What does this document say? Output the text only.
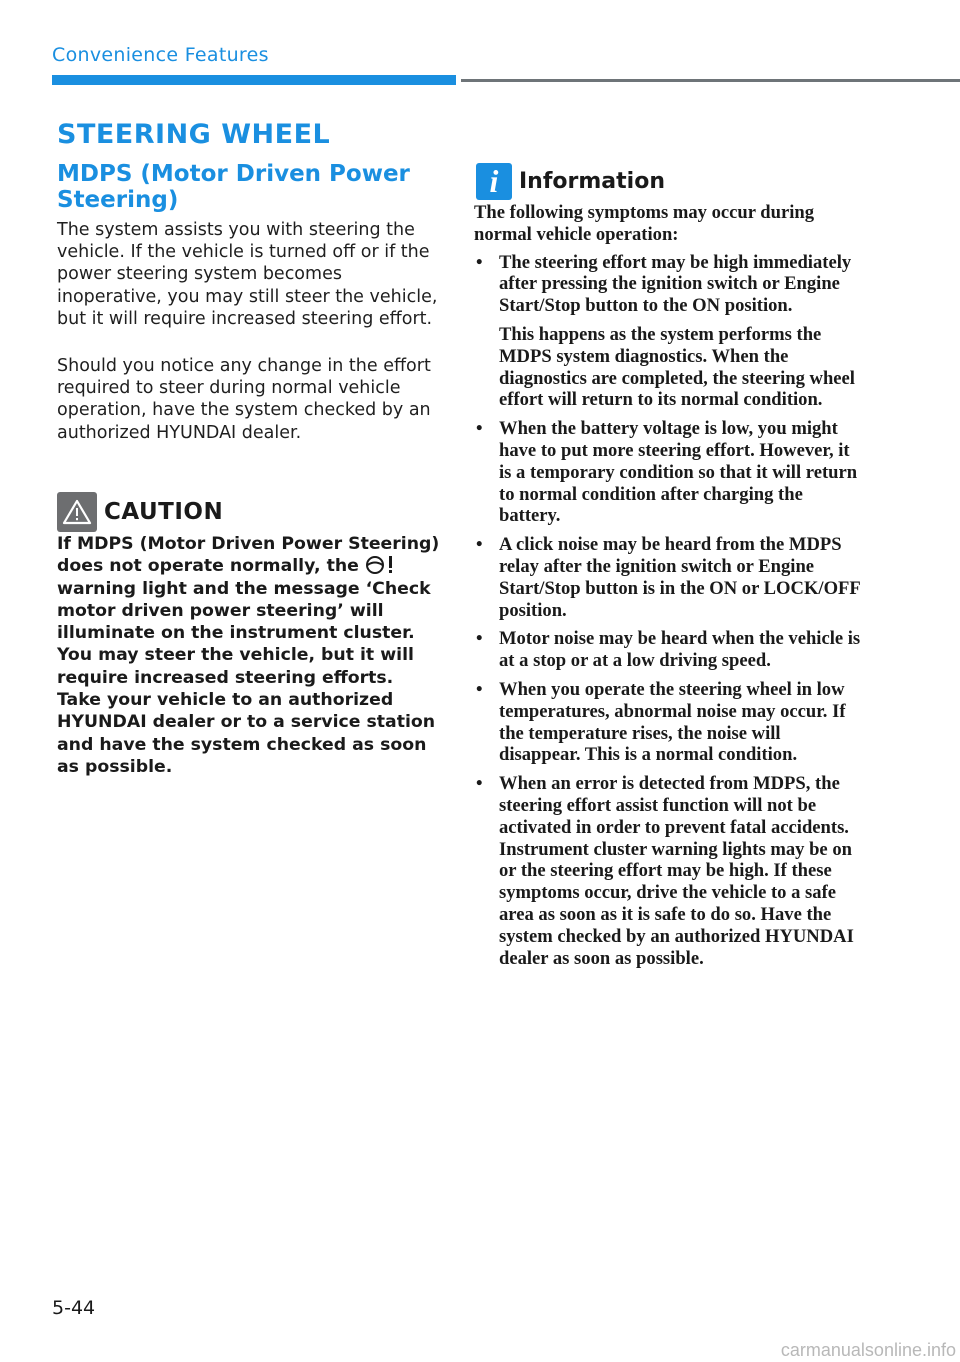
Convenience Features
STEERING WHEEL
MDPS (Motor Driven Power Steering)

The system assists you with steering the vehicle. If the vehicle is turned off or if the power steering system becomes inoperative, you may still steer the vehicle, but it will require increased steering effort.

Should you notice any change in the effort required to steer during normal vehicle operation, have the system checked by an authorized HYUNDAI dealer.

CAUTION

If MDPS (Motor Driven Power Steering) does not operate normally, the  warning light and the message ‘Check motor driven power steering’ will illuminate on the instrument cluster. You may steer the vehicle, but it will require increased steering efforts. Take your vehicle to an authorized HYUNDAI dealer or to a service station and have the system checked as soon as possible.

i Information

The following symptoms may occur during normal vehicle operation:

• The steering effort may be high immediately after pressing the ignition switch or Engine Start/Stop button to the ON position.

This happens as the system performs the MDPS system diagnostics. When the diagnostics are completed, the steering wheel effort will return to its normal condition.

• When the battery voltage is low, you might have to put more steering effort. However, it is a temporary condition so that it will return to normal condition after charging the battery.

• A click noise may be heard from the MDPS relay after the ignition switch or Engine Start/Stop button is in the ON or LOCK/OFF position.

• Motor noise may be heard when the vehicle is at a stop or at a low driving speed.

• When you operate the steering wheel in low temperatures, abnormal noise may occur. If the temperature rises, the noise will disappear. This is a normal condition.

• When an error is detected from MDPS, the steering effort assist function will not be activated in order to prevent fatal accidents. Instrument cluster warning lights may be on or the steering effort may be high. If these symptoms occur, drive the vehicle to a safe area as soon as it is safe to do so. Have the system checked by an authorized HYUNDAI dealer as soon as possible.

5-44
carmanualsonline.info
